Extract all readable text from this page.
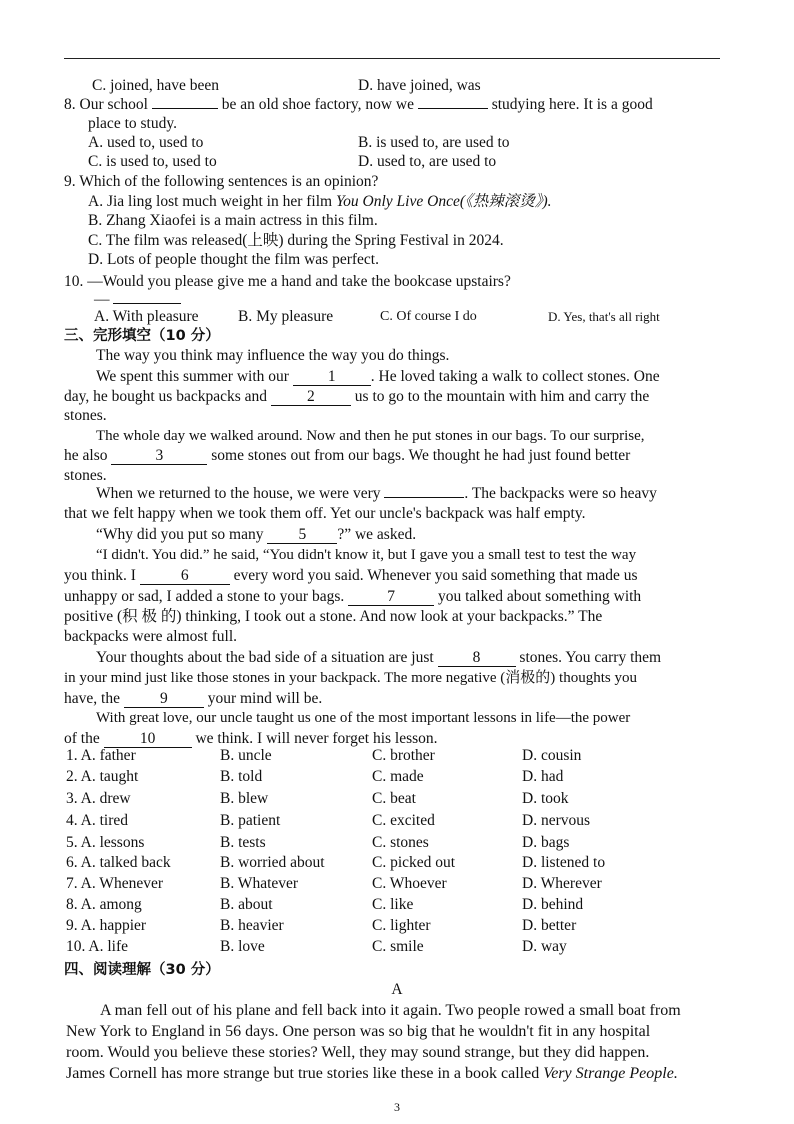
C. joined, have been	D. have joined, was
8. Our school	be an old shoe factory, now we	studying here. It is a good
place to study.
A. used to, used to	B. is used to, are used to
C. is used to, used to	D. used to, are used to
9. Which of the following sentences is an opinion?
A. Jia ling lost much weight in her film You Only Live Once(《热辣滚烫》).
B. Zhang Xiaofei is a main actress in this film.
C. The film was released(上映) during the Spring Festival in 2024.
D. Lots of people thought the film was perfect.
10. —Would you please give me a hand and take the bookcase upstairs?
—
A. With pleasure	B. My pleasure	C. Of course I do	D. Yes, that's all right
三、完形填空（10 分）
The way you think may influence the way you do things.
We spent this summer with our	1 . He loved taking a walk to collect stones. One
day, he bought us backpacks and	2	us to go to the mountain with him and carry the
stones.
The whole day we walked around. Now and then he put stones in our bags. To our surprise,
he also	3	some stones out from our bags. We thought he had just found better
stones.
When we returned to the house, we were very	. The backpacks were so heavy
that we felt happy when we took them off. Yet our uncle's backpack was half empty.
“Why did you put so many 5 ?” we asked.
“I didn't. You did.” he said, “You didn't know it, but I gave you a small test to test the way
you think. I	6	every word you said. Whenever you said something that made us
unhappy or sad, I added a stone to your bags.	7	you talked about something with
positive (积 极 的) thinking, I took out a stone. And now look at your backpacks.” The
backpacks were almost full.
Your thoughts about the bad side of a situation are just	8	stones. You carry them
in your mind just like those stones in your backpack. The more negative (消极的) thoughts you
have, the	9	your mind will be.
With great love, our uncle taught us one of the most important lessons in life—the power
of the	10	we think. I will never forget his lesson.
1. A. father	B. uncle	C. brother	D. cousin
2. A. taught	B. told	C. made	D. had
3. A. drew	B. blew	C. beat	D. took
4. A. tired	B. patient	C. excited	D. nervous
5. A. lessons	B. tests	C. stones	D. bags
6. A. talked back	B. worried about	C. picked out	D. listened to
7. A. Whenever	B. Whatever	C. Whoever	D. Wherever
8. A. among	B. about	C. like	D. behind
9. A. happier	B. heavier	C. lighter	D. better
10. A. life	B. love	C. smile	D. way
四、阅读理解（30 分）
A
A man fell out of his plane and fell back into it again. Two people rowed a small boat from
New York to England in 56 days. One person was so big that he wouldn't fit in any hospital
room. Would you believe these stories? Well, they may sound strange, but they did happen.
James Cornell has more strange but true stories like these in a book called Very Strange People.
3
